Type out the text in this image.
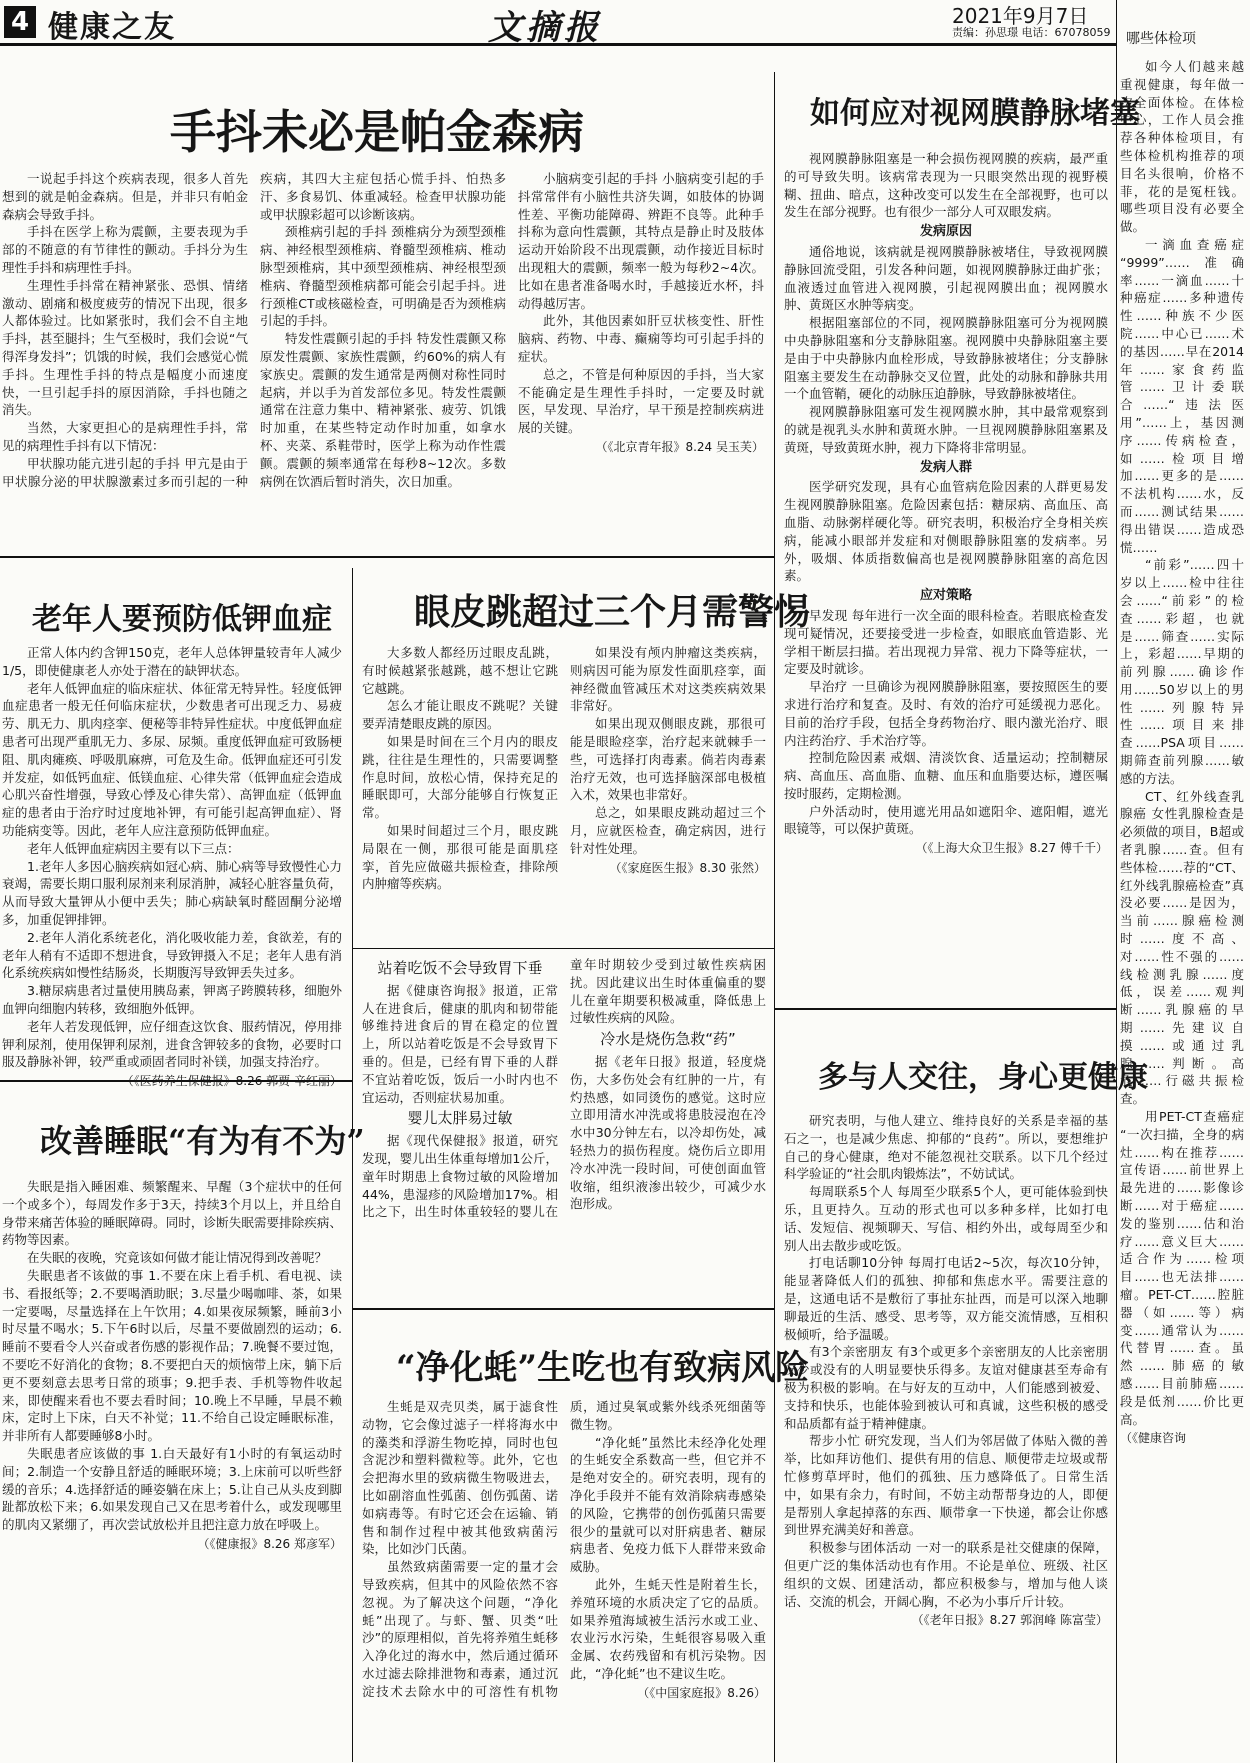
4 健康之友	文摘报	2021年9月7日
责编：孙思璟 电话：67078059
手抖未必是帕金森病

一说起手抖这个疾病表现，很多人首先想到的就是帕金森病。但是，并非只有帕金森病会导致手抖。

手抖在医学上称为震颤，主要表现为手部的不随意的有节律性的颤动。手抖分为生理性手抖和病理性手抖。

生理性手抖常在精神紧张、恐惧、情绪激动、剧痛和极度疲劳的情况下出现，很多人都体验过。比如紧张时，我们会不自主地手抖，甚至腿抖；生气至极时，我们会说“气得浑身发抖”；饥饿的时候，我们会感觉心慌手抖。生理性手抖的特点是幅度小而速度快，一旦引起手抖的原因消除，手抖也随之消失。

当然，大家更担心的是病理性手抖，常见的病理性手抖有以下情况：

甲状腺功能亢进引起的手抖 甲亢是由于甲状腺分泌的甲状腺激素过多而引起的一种疾病，其四大主症包括心慌手抖、怕热多汗、多食易饥、体重减轻。检查甲状腺功能或甲状腺彩超可以诊断该病。

颈椎病引起的手抖 颈椎病分为颈型颈椎病、神经根型颈椎病、脊髓型颈椎病、椎动脉型颈椎病，其中颈型颈椎病、神经根型颈椎病、脊髓型颈椎病都可能会引起手抖。进行颈椎CT或核磁检查，可明确是否为颈椎病引起的手抖。

特发性震颤引起的手抖 特发性震颤又称原发性震颤、家族性震颤，约60%的病人有家族史。震颤的发生通常是两侧对称性同时起病，并以手为首发部位多见。特发性震颤通常在注意力集中、精神紧张、疲劳、饥饿时加重，在某些特定动作时加重，如拿水杯、夹菜、系鞋带时，医学上称为动作性震颤。震颤的频率通常在每秒8~12次。多数病例在饮酒后暂时消失，次日加重。

小脑病变引起的手抖 小脑病变引起的手抖常常伴有小脑性共济失调，如肢体的协调性差、平衡功能障碍、辨距不良等。此种手抖称为意向性震颤，其特点是静止时及肢体运动开始阶段不出现震颤，动作接近目标时出现粗大的震颤，频率一般为每秒2~4次。比如在患者准备喝水时，手越接近水杯，抖动得越厉害。

此外，其他因素如肝豆状核变性、肝性脑病、药物、中毒、癫痫等均可引起手抖的症状。

总之，不管是何种原因的手抖，当大家不能确定是生理性手抖时，一定要及时就医，早发现、早治疗，早干预是控制疾病进展的关键。

（《北京青年报》8.24 吴玉芙）
如何应对视网膜静脉堵塞

视网膜静脉阻塞是一种会损伤视网膜的疾病，最严重的可导致失明。该病常表现为一只眼突然出现的视野模糊、扭曲、暗点，这种改变可以发生在全部视野，也可以发生在部分视野。也有很少一部分人可双眼发病。

发病原因

通俗地说，该病就是视网膜静脉被堵住，导致视网膜静脉回流受阻，引发各种问题，如视网膜静脉迂曲扩张；血液透过血管进入视网膜，引起视网膜出血；视网膜水肿、黄斑区水肿等病变。

根据阻塞部位的不同，视网膜静脉阻塞可分为视网膜中央静脉阻塞和分支静脉阻塞。视网膜中央静脉阻塞主要是由于中央静脉内血栓形成，导致静脉被堵住；分支静脉阻塞主要发生在动静脉交叉位置，此处的动脉和静脉共用一个血管鞘，硬化的动脉压迫静脉，导致静脉被堵住。

视网膜静脉阻塞可发生视网膜水肿，其中最常观察到的就是视乳头水肿和黄斑水肿。一旦视网膜静脉阻塞累及黄斑，导致黄斑水肿，视力下降将非常明显。

发病人群

医学研究发现，具有心血管病危险因素的人群更易发生视网膜静脉阻塞。危险因素包括：糖尿病、高血压、高血脂、动脉粥样硬化等。研究表明，积极治疗全身相关疾病，能减小眼部并发症和对侧眼静脉阻塞的发病率。另外，吸烟、体质指数偏高也是视网膜静脉阻塞的高危因素。

应对策略

早发现 每年进行一次全面的眼科检查。若眼底检查发现可疑情况，还要接受进一步检查，如眼底血管造影、光学相干断层扫描。若出现视力异常、视力下降等症状，一定要及时就诊。

早治疗 一旦确诊为视网膜静脉阻塞，要按照医生的要求进行治疗和复查。及时、有效的治疗可延缓视力恶化。目前的治疗手段，包括全身药物治疗、眼内激光治疗、眼内注药治疗、手术治疗等。

控制危险因素 戒烟、清淡饮食、适量运动；控制糖尿病、高血压、高血脂、血糖、血压和血脂要达标，遵医嘱按时服药，定期检测。

户外活动时，使用遮光用品如遮阳伞、遮阳帽，遮光眼镜等，可以保护黄斑。

（《上海大众卫生报》8.27 傅千千）
老年人要预防低钾血症

正常人体内约含钾150克，老年人总体钾量较青年人减少1/5，即使健康老人亦处于潜在的缺钾状态。

老年人低钾血症的临床症状、体征常无特异性。轻度低钾血症患者一般无任何临床症状，少数患者可出现乏力、易疲劳、肌无力、肌肉痉挛、便秘等非特异性症状。中度低钾血症患者可出现严重肌无力、多尿、尿频。重度低钾血症可致肠梗阻、肌肉瘫痪、呼吸肌麻痹，可危及生命。低钾血症还可引发并发症，如低钙血症、低镁血症、心律失常（低钾血症会造成心肌兴奋性增强，导致心悸及心律失常）、高钾血症（低钾血症的患者由于治疗时过度地补钾，有可能引起高钾血症）、肾功能病变等。因此，老年人应注意预防低钾血症。

老年人低钾血症病因主要有以下三点：

1.老年人多因心脑疾病如冠心病、肺心病等导致慢性心力衰竭，需要长期口服利尿剂来利尿消肿，减轻心脏容量负荷，从而导致大量钾从小便中丢失；肺心病缺氧时醛固酮分泌增多，加重促钾排钾。

2.老年人消化系统老化，消化吸收能力差，食欲差，有的老年人稍有不适即不想进食，导致钾摄入不足；老年人患有消化系统疾病如慢性结肠炎，长期腹泻导致钾丢失过多。

3.糖尿病患者过量使用胰岛素，钾离子跨膜转移，细胞外血钾向细胞内转移，致细胞外低钾。

老年人若发现低钾，应仔细查这饮食、服药情况，停用排钾利尿剂，使用保钾利尿剂，进食含钾较多的食物，必要时口服及静脉补钾，较严重或顽固者同时补镁，加强支持治疗。

（《医药养生保健报》8.26 郭贾 辛红丽）
眼皮跳超过三个月需警惕

大多数人都经历过眼皮乱跳，有时候越紧张越跳，越不想让它跳它越跳。

怎么才能让眼皮不跳呢？关键要弄清楚眼皮跳的原因。

如果是时间在三个月内的眼皮跳，往往是生理性的，只需要调整作息时间，放松心情，保持充足的睡眠即可，大部分能够自行恢复正常。

如果时间超过三个月，眼皮跳局限在一侧，那很可能是面肌痉挛，首先应做磁共振检查，排除颅内肿瘤等疾病。

如果没有颅内肿瘤这类疾病，则病因可能为原发性面肌痉挛，面神经微血管减压术对这类疾病效果非常好。

如果出现双侧眼皮跳，那很可能是眼睑痉挛，治疗起来就棘手一些，可选择打肉毒素。倘若肉毒素治疗无效，也可选择脑深部电极植入术，效果也非常好。

总之，如果眼皮跳动超过三个月，应就医检查，确定病因，进行针对性处理。

（《家庭医生报》8.30 张然）
站着吃饭不会导致胃下垂

据《健康咨询报》报道，正常人在进食后，健康的肌肉和韧带能够维持进食后的胃在稳定的位置上，所以站着吃饭是不会导致胃下垂的。但是，已经有胃下垂的人群不宜站着吃饭，饭后一小时内也不宜运动，否则症状易加重。

婴儿太胖易过敏

据《现代保健报》报道，研究发现，婴儿出生体重每增加1公斤，童年时期患上食物过敏的风险增加44%，患湿疹的风险增加17%。相比之下，出生时体重较轻的婴儿在童年时期较少受到过敏性疾病困扰。因此建议出生时体重偏重的婴儿在童年期要积极减重，降低患上过敏性疾病的风险。

冷水是烧伤急救“药”

据《老年日报》报道，轻度烧伤，大多伤处会有红肿的一片，有灼热感，如同烫伤的感觉。这时应立即用清水冲洗或将患肢浸泡在冷水中30分钟左右，以冷却伤处，减轻热力的损伤程度。烧伤后立即用冷水冲洗一段时间，可使创面血管收缩，组织液渗出较少，可减少水泡形成。

改善睡眠“有为有不为”

失眠是指入睡困难、频繁醒来、早醒（3个症状中的任何一个或多个），每周发作多于3天，持续3个月以上，并且给自身带来痛苦体验的睡眠障碍。同时，诊断失眠需要排除疾病、药物等因素。

在失眠的夜晚，究竟该如何做才能让情况得到改善呢？

失眠患者不该做的事 1.不要在床上看手机、看电视、读书、看报纸等；2.不要喝酒助眠；3.尽量少喝咖啡、茶，如果一定要喝，尽量选择在上午饮用；4.如果夜尿频繁，睡前3小时尽量不喝水；5.下午6时以后，尽量不要做剧烈的运动；6.睡前不要看令人兴奋或者伤感的影视作品；7.晚餐不要过饱，不要吃不好消化的食物；8.不要把白天的烦恼带上床，躺下后更不要刻意去思考日常的琐事；9.把手表、手机等物件收起来，即使醒来看也不要去看时间；10.晚上不早睡，早晨不赖床，定时上下床，白天不补觉；11.不给自己设定睡眠标准，并非所有人都要睡够8小时。

失眠患者应该做的事 1.白天最好有1小时的有氧运动时间；2.制造一个安静且舒适的睡眠环境；3.上床前可以听些舒缓的音乐；4.选择舒适的睡姿躺在床上；5.让自己从头皮到脚趾都放松下来；6.如果发现自己又在思考着什么，或发现哪里的肌肉又紧绷了，再次尝试放松并且把注意力放在呼吸上。

（《健康报》8.26 郑彦军）
“净化蚝”生吃也有致病风险

生蚝是双壳贝类，属于滤食性动物，它会像过滤子一样将海水中的藻类和浮游生物吃掉，同时也包含泥沙和塑料微粒等。此外，它也会把海水里的致病微生物吸进去，比如副溶血性弧菌、创伤弧菌、诺如病毒等。有时它还会在运输、销售和制作过程中被其他致病菌污染，比如沙门氏菌。

虽然致病菌需要一定的量才会导致疾病，但其中的风险依然不容忽视。为了解决这个问题，“净化蚝”出现了。与虾、蟹、贝类“吐沙”的原理相似，首先将养殖生蚝移入净化过的海水中，然后通过循环水过滤去除排泄物和毒素，通过沉淀技术去除水中的可溶性有机物质，通过臭氧或紫外线杀死细菌等微生物。

“净化蚝”虽然比未经净化处理的生蚝安全系数高一些，但它并不是绝对安全的。研究表明，现有的净化手段并不能有效消除病毒感染的风险，它携带的创伤弧菌只需要很少的量就可以对肝病患者、糖尿病患者、免疫力低下人群带来致命威胁。

此外，生蚝天性是附着生长，养殖环境的水质决定了它的品质。如果养殖海域被生活污水或工业、农业污水污染，生蚝很容易吸入重金属、农药残留和有机污染物。因此，“净化蚝”也不建议生吃。

（《中国家庭报》8.26）
多与人交往，身心更健康

研究表明，与他人建立、维持良好的关系是幸福的基石之一，也是减少焦虑、抑郁的“良药”。所以，要想维护自己的身心健康，绝对不能忽视社交联系。以下几个经过科学验证的“社会肌肉锻炼法”，不妨试试。

每周联系5个人 每周至少联系5个人，更可能体验到快乐，且更持久。互动的形式也可以多种多样，比如打电话、发短信、视频聊天、写信、相约外出，或每周至少和别人出去散步或吃饭。

打电话聊10分钟 每周打电话2~5次，每次10分钟，能显著降低人们的孤独、抑郁和焦虑水平。需要注意的是，这通电话不是敷衍了事扯东扯西，而是可以深入地聊聊最近的生活、感受、思考等，双方能交流情感，互相积极倾听，给予温暖。

有3个亲密朋友 有3个或更多个亲密朋友的人比亲密朋友少或没有的人明显要快乐得多。友谊对健康甚至寿命有极为积极的影响。在与好友的互动中，人们能感到被爱、支持和快乐，也能体验到被认可和真诚，这些积极的感受和品质都有益于精神健康。

帮步小忙 研究发现，当人们为邻居做了体贴入微的善举，比如拜访他们、提供有用的信息、顺便带走垃圾或帮忙修剪草坪时，他们的孤独、压力感降低了。日常生活中，如果有余力，有时间，不妨主动帮帮身边的人，即便是帮别人拿起掉落的东西、顺带拿一下快递，都会让你感到世界充满美好和善意。

积极参与团体活动 一对一的联系是社交健康的保障，但更广泛的集体活动也有作用。不论是单位、班级、社区组织的文娱、团建活动，都应积极参与，增加与他人谈话、交流的机会，开阔心胸，不必为小事斤斤计较。

（《老年日报》8.27 郭润峰 陈富莹）
哪些体检项

如今人们越来越重视健康，每年做一次全面体检。在体检中心，工作人员会推荐各种体检项目，有些体检机构推荐的项目名头很响，价格不菲，花的是冤枉钱。哪些项目没有必要全做。

一滴血查癌症 “9999”……准确率……一滴血……十种癌症……多种遗传性……种族不少医院……中心已……术的基因……早在2014年……家食药监管……卫计委联合……“违法医用”……上，基因测序……传病检查，如……检项目增加……更多的是……不法机构……水，反而……测试结果……得出错误……造成恐慌……

“前彩”……四十岁以上……检中往往会……“前彩”的检查……彩超，也就是……筛查……实际上，彩超……早期的前列腺……确诊作用……50岁以上的男性……列腺特异性……项目来排查……PSA项目……期筛查前列腺……敏感的方法。

CT、红外线查乳腺癌 女性乳腺检查是必须做的项目，B超或者乳腺……查。但有些体检……荐的“CT、红外线乳腺癌检查”真没必要……是因为，当前……腺癌检测时……度不高、对……性不强的……线检测乳腺……度低，误差……观判断……乳腺癌的早期……先建议自摸……或通过乳腺……判断。高危……行磁共振检查。

用PET-CT查癌症 “一次扫描，全身的病灶……构在推荐……宣传语……前世界上最先进的……影像诊断……对于癌症……发的鉴别……估和治疗……意义巨大……适合作为……检项目……也无法排……瘤。PET-CT……腔脏器（如……等）病变……通常认为……代替胃……查。虽然……肺癌的敏感……目前肺癌……段是低剂……价比更高。

（《健康咨询
